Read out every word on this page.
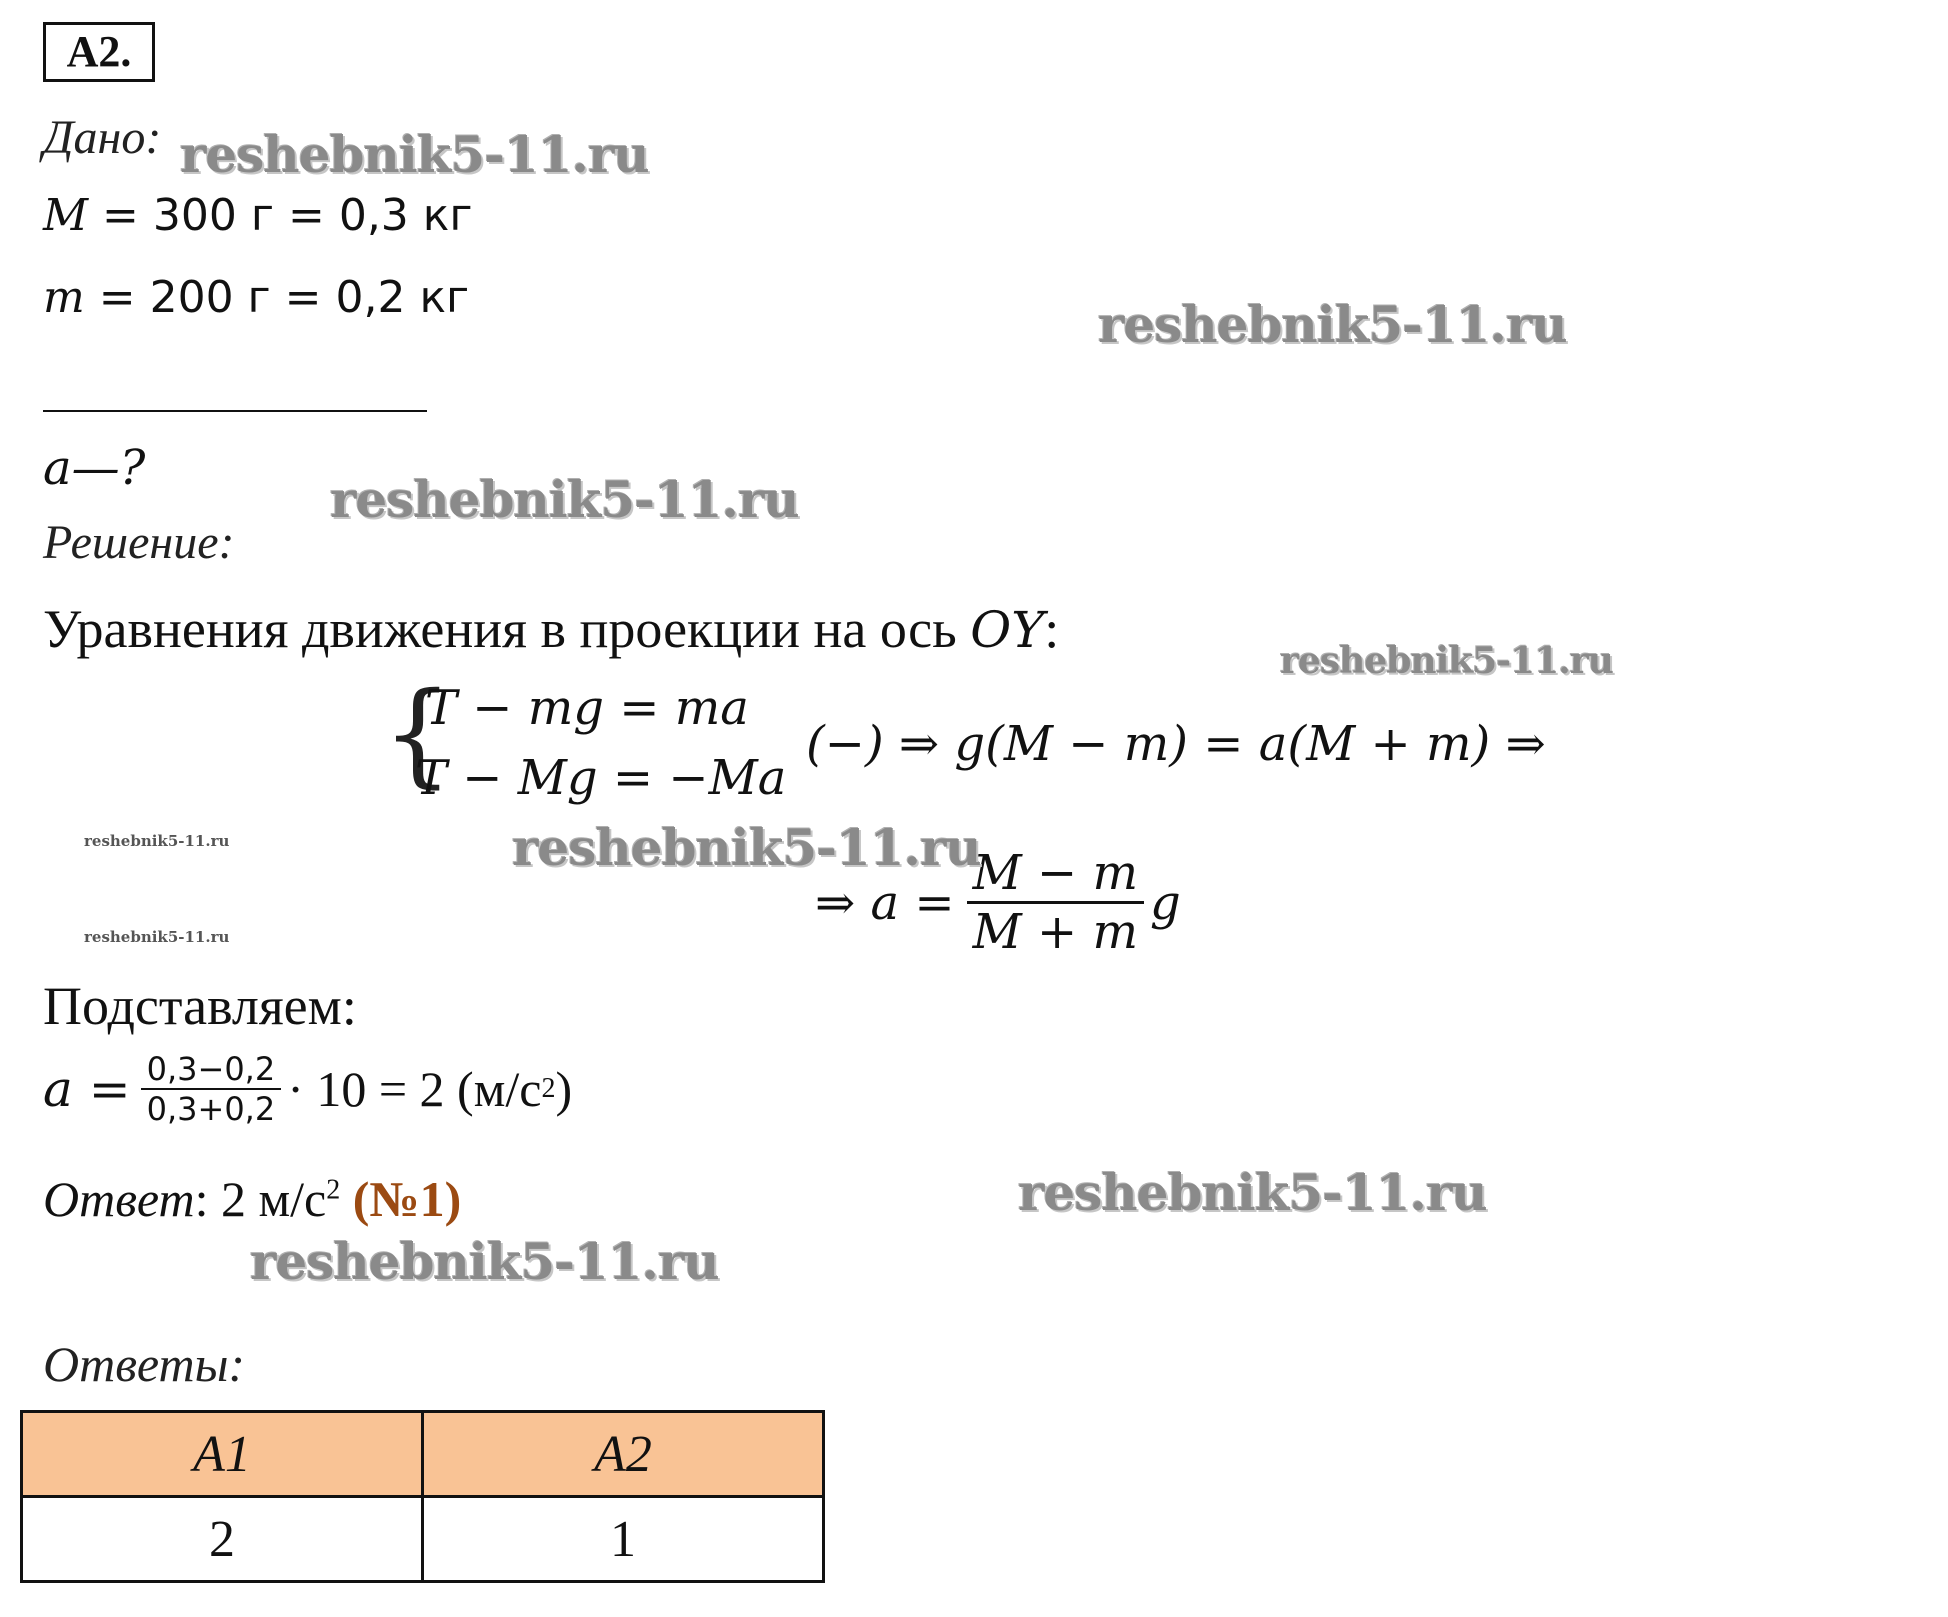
A2.
Дано:
M = 300 г = 0,3 кг
m = 200 г = 0,2 кг
a—?
Решение:
Уравнения движения в проекции на ось OY:
{
T − mg = ma
T − Mg = −Ma
(−) ⇒ g(M − m) = a(M + m) ⇒
⇒ $a = \frac{M - m}{M + m}$ g
Подставляем:
$a = \frac{0,3-0,2}{0,3+0,2} \cdot 10 = 2$ (м/с 2 )
Ответ: 2 $м/с^2$ (№1)
Ответы:
A1	A2
2	1
reshebnik5-11.ru
reshebnik5-11.ru
reshebnik5-11.ru
reshebnik5-11.ru
reshebnik5-11.ru
reshebnik5-11.ru
reshebnik5-11.ru
reshebnik5-11.ru
reshebnik5-11.ru
